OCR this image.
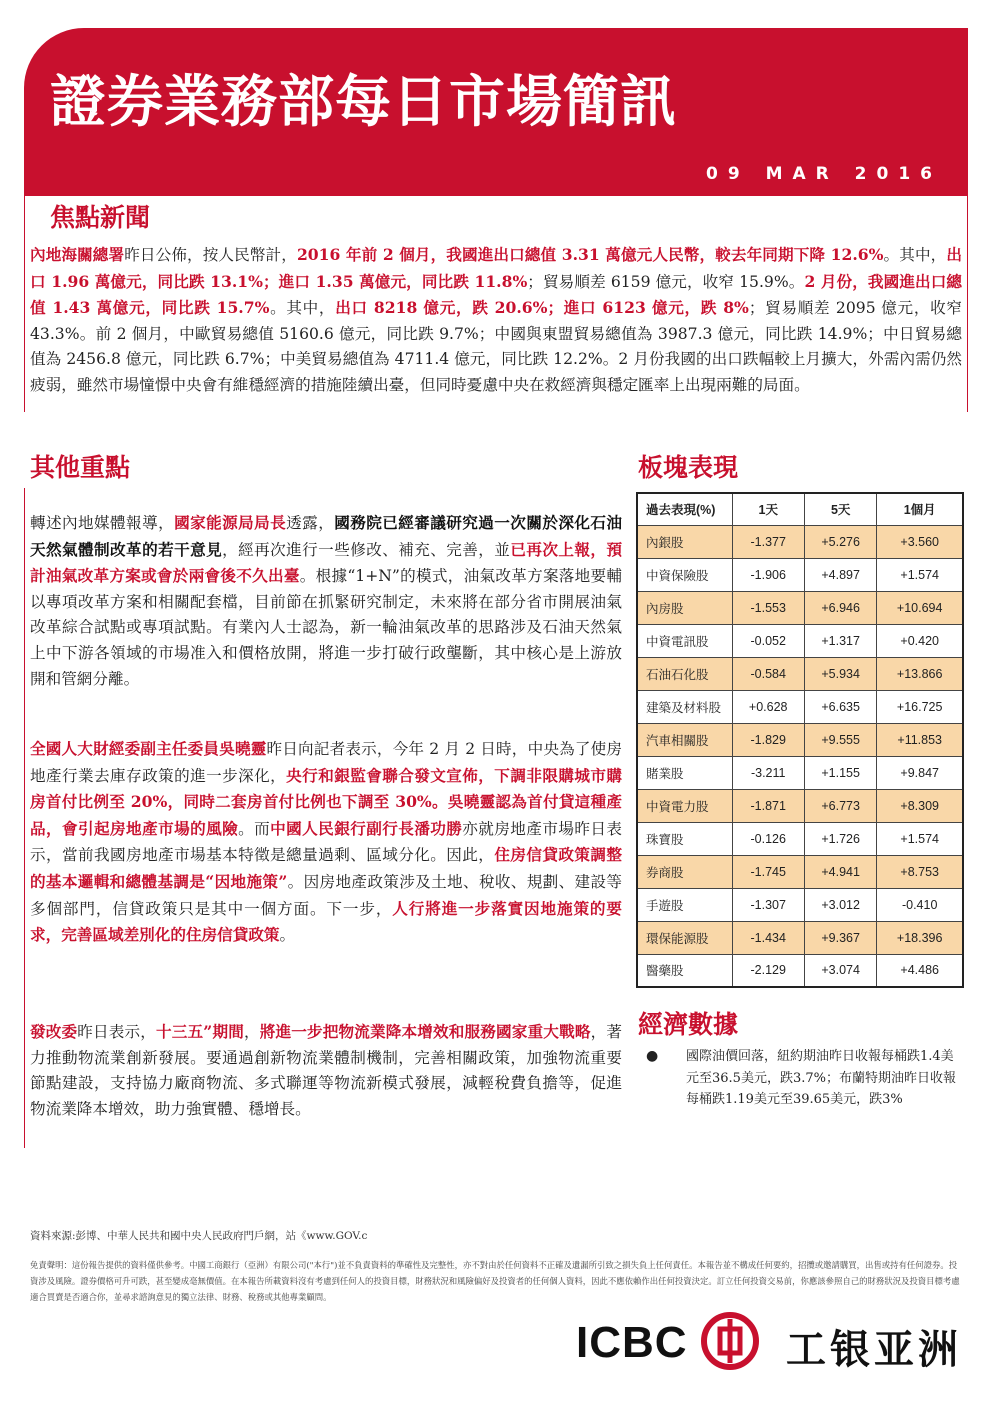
證券業務部每日市場簡訊
09 MAR 2016
焦點新聞
內地海關總署昨日公佈，按人民幣計，2016 年前 2 個月，我國進出口總值 3.31 萬億元人民幣，較去年同期下降 12.6%。其中，出口 1.96 萬億元，同比跌 13.1%；進口 1.35 萬億元，同比跌 11.8%；貿易順差 6159 億元，收窄 15.9%。2 月份，我國進出口總值 1.43 萬億元，同比跌 15.7%。其中，出口 8218 億元，跌 20.6%；進口 6123 億元，跌 8%；貿易順差 2095 億元，收窄 43.3%。前 2 個月，中歐貿易總值 5160.6 億元，同比跌 9.7%；中國與東盟貿易總值為 3987.3 億元，同比跌 14.9%；中日貿易總值為 2456.8 億元，同比跌 6.7%；中美貿易總值為 4711.4 億元，同比跌 12.2%。2 月份我國的出口跌幅較上月擴大，外需內需仍然疲弱，雖然市場憧憬中央會有維穩經濟的措施陸續出臺，但同時憂慮中央在救經濟與穩定匯率上出現兩難的局面。
其他重點
轉述內地媒體報導，國家能源局局長透露，國務院已經審議研究過一次關於深化石油天然氣體制改革的若干意見，經再次進行一些修改、補充、完善，並已再次上報，預計油氣改革方案或會於兩會後不久出臺。根據“1+N”的模式，油氣改革方案落地要輔以專項改革方案和相關配套檔，目前節在抓緊研究制定，未來將在部分省市開展油氣改革綜合試點或專項試點。有業內人士認為，新一輪油氣改革的思路涉及石油天然氣上中下游各領域的市場准入和價格放開，將進一步打破行政壟斷，其中核心是上游放開和管網分離。
全國人大財經委副主任委員吳曉靈昨日向記者表示，今年 2 月 2 日時，中央為了使房地產行業去庫存政策的進一步深化，央行和銀監會聯合發文宣佈，下調非限購城市購房首付比例至 20%，同時二套房首付比例也下調至 30%。吳曉靈認為首付貸這種產品，會引起房地產市場的風險。而中國人民銀行副行長潘功勝亦就房地產市場昨日表示，當前我國房地產市場基本特徵是總量過剩、區域分化。因此，住房信貸政策調整的基本邏輯和總體基調是“因地施策”。因房地產政策涉及土地、稅收、規劃、建設等多個部門，信貸政策只是其中一個方面。下一步，人行將進一步落實因地施策的要求，完善區域差別化的住房信貸政策。
發改委昨日表示，十三五”期間，將進一步把物流業降本增效和服務國家重大戰略，著力推動物流業創新發展。要通過創新物流業體制機制，完善相關政策，加強物流重要節點建設，支持協力廠商物流、多式聯運等物流新模式發展，減輕稅費負擔等，促進物流業降本增效，助力強實體、穩增長。
板塊表現
過去表現(%)	1天	5天	1個月
內銀股	-1.377	+5.276	+3.560
中資保險股	-1.906	+4.897	+1.574
內房股	-1.553	+6.946	+10.694
中資電訊股	-0.052	+1.317	+0.420
石油石化股	-0.584	+5.934	+13.866
建築及材料股	+0.628	+6.635	+16.725
汽車相關股	-1.829	+9.555	+11.853
賭業股	-3.211	+1.155	+9.847
中資電力股	-1.871	+6.773	+8.309
珠寶股	-0.126	+1.726	+1.574
券商股	-1.745	+4.941	+8.753
手遊股	-1.307	+3.012	-0.410
環保能源股	-1.434	+9.367	+18.396
醫藥股	-2.129	+3.074	+4.486
經濟數據
● 國際油價回落，紐約期油昨日收報每桶跌1.4美元至36.5美元，跌3.7%；布蘭特期油昨日收報每桶跌1.19美元至39.65美元，跌3%
資料來源:彭博、中華人民共和國中央人民政府門戶網，站《www.GOV.c
免責聲明：這份報告提供的資料僅供參考。中國工商銀行（亞洲）有限公司("本行")並不負責資料的準確性及完整性，亦不對由於任何資料不正確及遺漏所引致之損失負上任何責任。本報告並不構成任何要約，招攬或邀請購買，出售或持有任何證券。投資涉及風險。證券價格可升可跌，甚至變成毫無價值。在本報告所載資料沒有考慮到任何人的投資目標，財務狀況和風險偏好及投資者的任何個人資料，因此不應依賴作出任何投資決定。訂立任何投資交易前，你應該參照自己的財務狀況及投資目標考慮適合買賣是否適合你，並尋求諮詢意見的獨立法律、財務、稅務或其他專業顧問。
ICBC 工银亚洲
